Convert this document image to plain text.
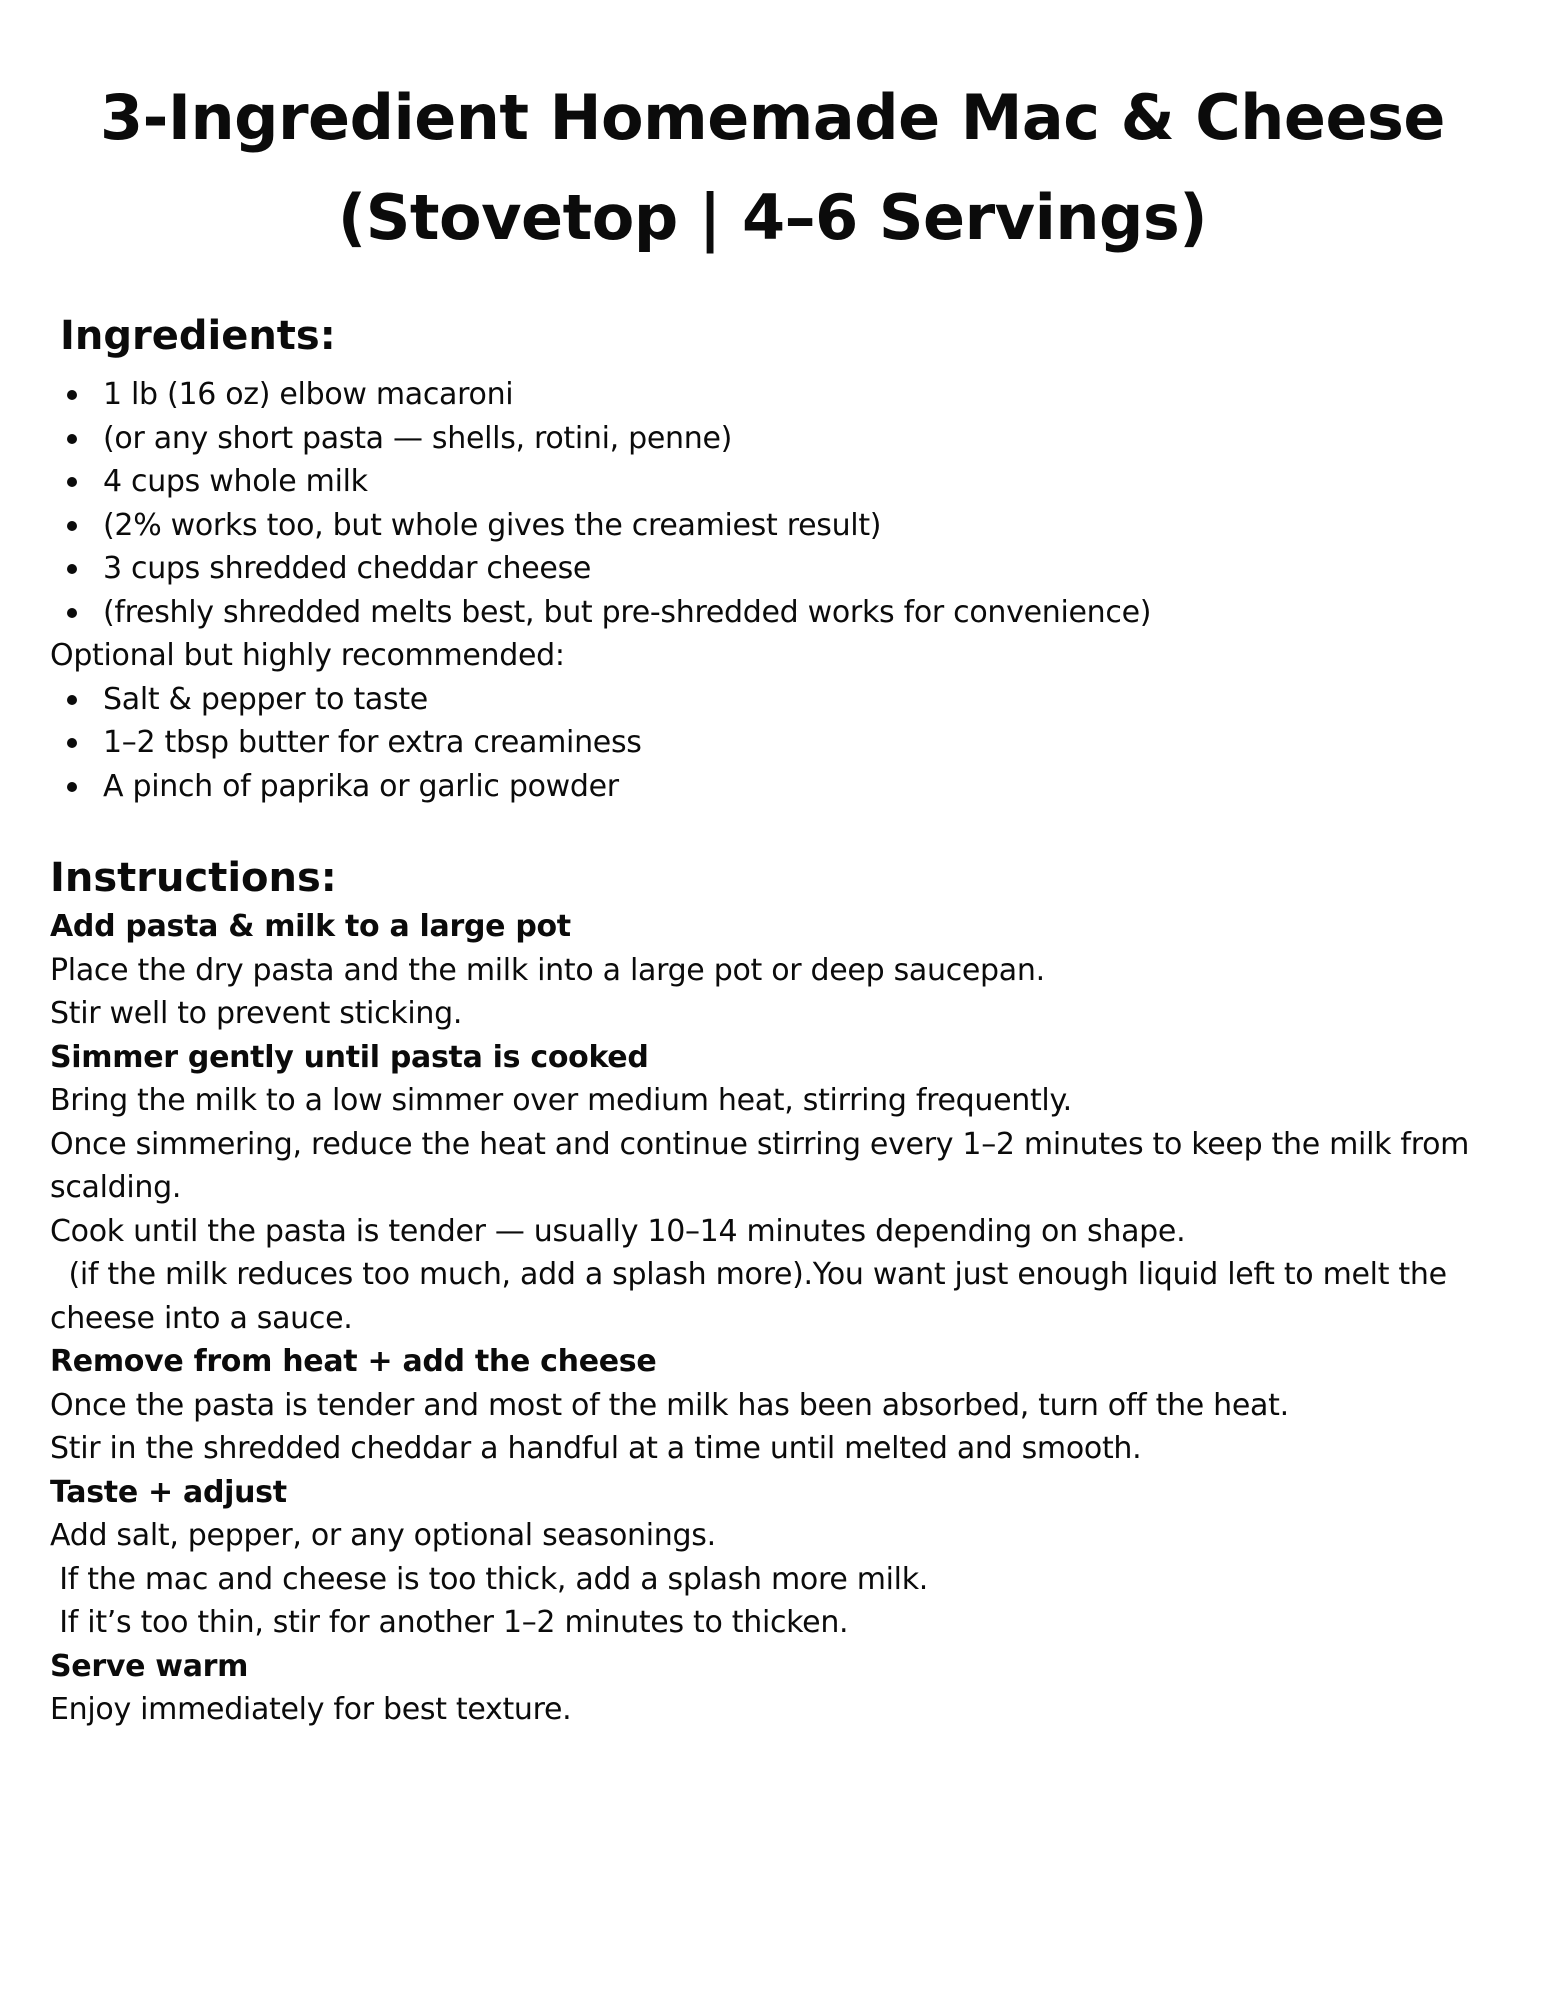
3-Ingredient Homemade Mac & Cheese
(Stovetop | 4–6 Servings)
Ingredients:
1 lb (16 oz) elbow macaroni
(or any short pasta — shells, rotini, penne)
4 cups whole milk
(2% works too, but whole gives the creamiest result)
3 cups shredded cheddar cheese
(freshly shredded melts best, but pre-shredded works for convenience)
Optional but highly recommended:
Salt & pepper to taste
1–2 tbsp butter for extra creaminess
A pinch of paprika or garlic powder
Instructions:
Add pasta & milk to a large pot
Place the dry pasta and the milk into a large pot or deep saucepan.
Stir well to prevent sticking.
Simmer gently until pasta is cooked
Bring the milk to a low simmer over medium heat, stirring frequently.
Once simmering, reduce the heat and continue stirring every 1–2 minutes to keep the milk from scalding.
Cook until the pasta is tender — usually 10–14 minutes depending on shape.
(if the milk reduces too much, add a splash more).You want just enough liquid left to melt the cheese into a sauce.
Remove from heat + add the cheese
Once the pasta is tender and most of the milk has been absorbed, turn off the heat.
Stir in the shredded cheddar a handful at a time until melted and smooth.
Taste + adjust
Add salt, pepper, or any optional seasonings.
If the mac and cheese is too thick, add a splash more milk.
If it’s too thin, stir for another 1–2 minutes to thicken.
Serve warm
Enjoy immediately for best texture.
